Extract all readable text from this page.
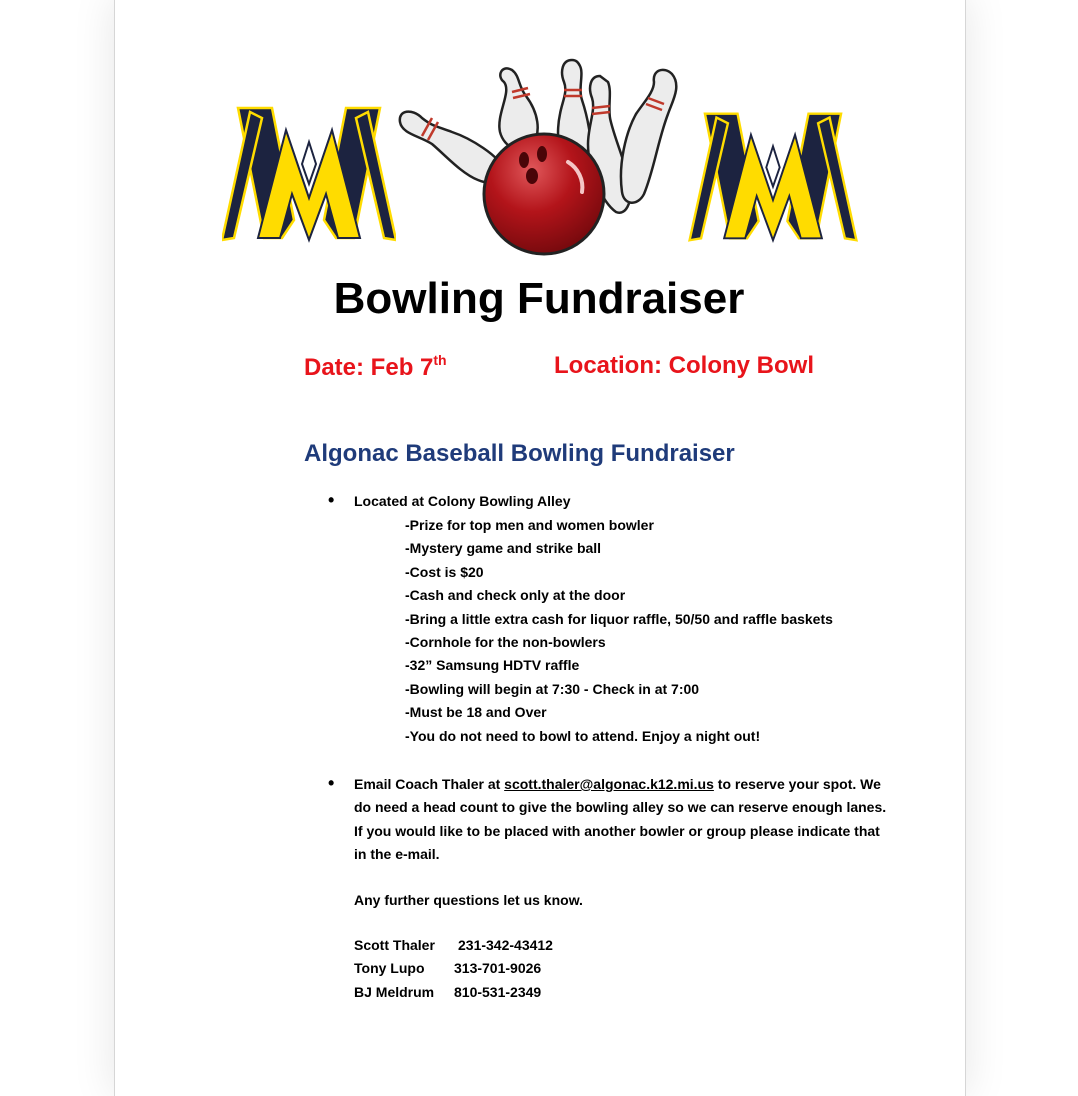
Bowling Fundraiser
Date: Feb 7th	Location: Colony Bowl
Algonac Baseball Bowling Fundraiser
• Located at Colony Bowling Alley
-Prize for top men and women bowler
-Mystery game and strike ball
-Cost is $20
-Cash and check only at the door
-Bring a little extra cash for liquor raffle, 50/50 and raffle baskets
-Cornhole for the non-bowlers
-32” Samsung HDTV raffle
-Bowling will begin at 7:30 - Check in at 7:00
-Must be 18 and Over
-You do not need to bowl to attend. Enjoy a night out!
• Email Coach Thaler at scott.thaler@algonac.k12.mi.us to reserve your spot. We do need a head count to give the bowling alley so we can reserve enough lanes. If you would like to be placed with another bowler or group please indicate that in the e-mail.
Any further questions let us know.
Scott Thaler 231-342-43412
Tony Lupo 313-701-9026
BJ Meldrum 810-531-2349
